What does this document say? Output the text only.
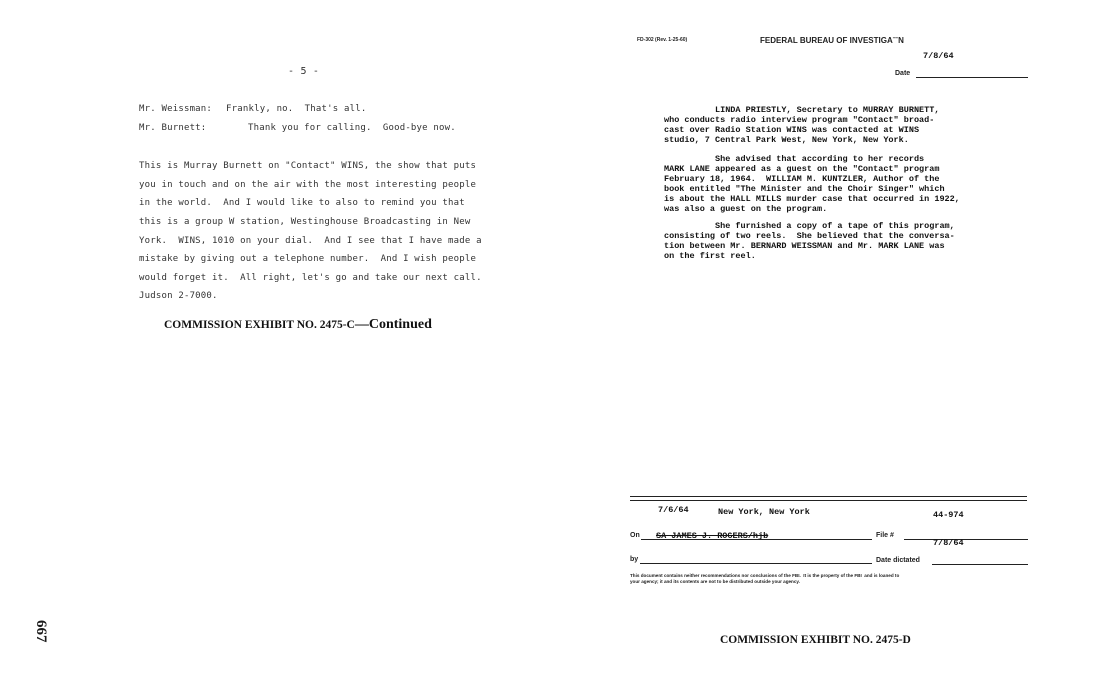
- 5 -
Mr. Weissman: Frankly, no.  That's all.
Mr. Burnett:	Thank you for calling.  Good-bye now.
This is Murray Burnett on "Contact" WINS, the show that puts
you in touch and on the air with the most interesting people
in the world.  And I would like to also to remind you that
this is a group W station, Westinghouse Broadcasting in New
York.  WINS, 1010 on your dial.  And I see that I have made a
mistake by giving out a telephone number.  And I wish people
would forget it.  All right, let's go and take our next call.
Judson 2-7000.
COMMISSION EXHIBIT NO. 2475-C—Continued
667
FD-302 (Rev. 1-25-60)	FEDERAL BUREAU OF INVESTIGAˉˉN
7/8/64
Date
LINDA PRIESTLY, Secretary to MURRAY BURNETT,
who conducts radio interview program "Contact" broad-
cast over Radio Station WINS was contacted at WINS
studio, 7 Central Park West, New York, New York.
She advised that according to her records
MARK LANE appeared as a guest on the "Contact" program
February 18, 1964.  WILLIAM M. KUNTZLER, Author of the
book entitled "The Minister and the Choir Singer" which
is about the HALL MILLS murder case that occurred in 1922,
was also a guest on the program.
She furnished a copy of a tape of this program,
consisting of two reels.  She believed that the conversa-
tion between Mr. BERNARD WEISSMAN and Mr. MARK LANE was
on the first reel.
7/6/64	New York, New York	44-974
On SA JAMES J. ROGERS/hjb	File #
7/8/64
by	Date dictated
This document contains neither recommendations nor conclusions of the FBI.  It is the property of the FBI  and is loaned to
your agency; it and its contents are not to be distributed outside your agency.
COMMISSION EXHIBIT NO. 2475-D
